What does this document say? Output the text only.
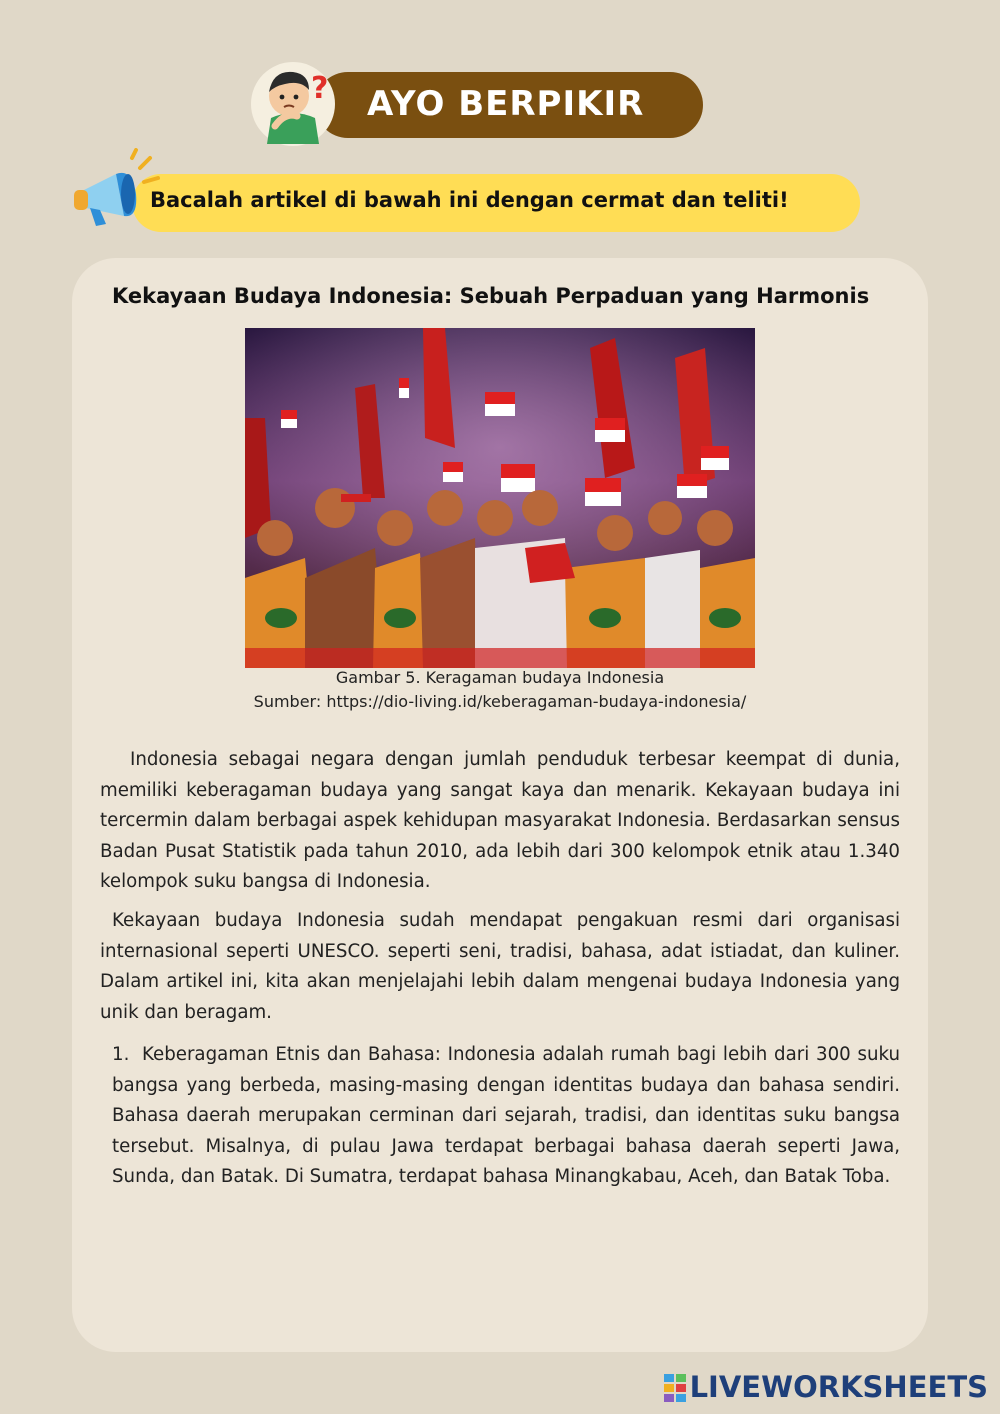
? AYO BERPIKIR
Bacalah artikel di bawah ini dengan cermat dan teliti!
Kekayaan Budaya Indonesia: Sebuah Perpaduan yang Harmonis
Gambar 5. Keragaman budaya Indonesia
Sumber: https://dio-living.id/keberagaman-budaya-indonesia/

Indonesia sebagai negara dengan jumlah penduduk terbesar keempat di dunia, memiliki keberagaman budaya yang sangat kaya dan menarik. Kekayaan budaya ini tercermin dalam berbagai aspek kehidupan masyarakat Indonesia. Berdasarkan sensus Badan Pusat Statistik pada tahun 2010, ada lebih dari 300 kelompok etnik atau 1.340 kelompok suku bangsa di Indonesia.

Kekayaan budaya Indonesia sudah mendapat pengakuan resmi dari organisasi internasional seperti UNESCO. seperti seni, tradisi, bahasa, adat istiadat, dan kuliner. Dalam artikel ini, kita akan menjelajahi lebih dalam mengenai budaya Indonesia yang unik dan beragam.

1. Keberagaman Etnis dan Bahasa: Indonesia adalah rumah bagi lebih dari 300 suku bangsa yang berbeda, masing-masing dengan identitas budaya dan bahasa sendiri. Bahasa daerah merupakan cerminan dari sejarah, tradisi, dan identitas suku bangsa tersebut. Misalnya, di pulau Jawa terdapat berbagai bahasa daerah seperti Jawa, Sunda, dan Batak. Di Sumatra, terdapat bahasa Minangkabau, Aceh, dan Batak Toba.
LIVEWORKSHEETS
